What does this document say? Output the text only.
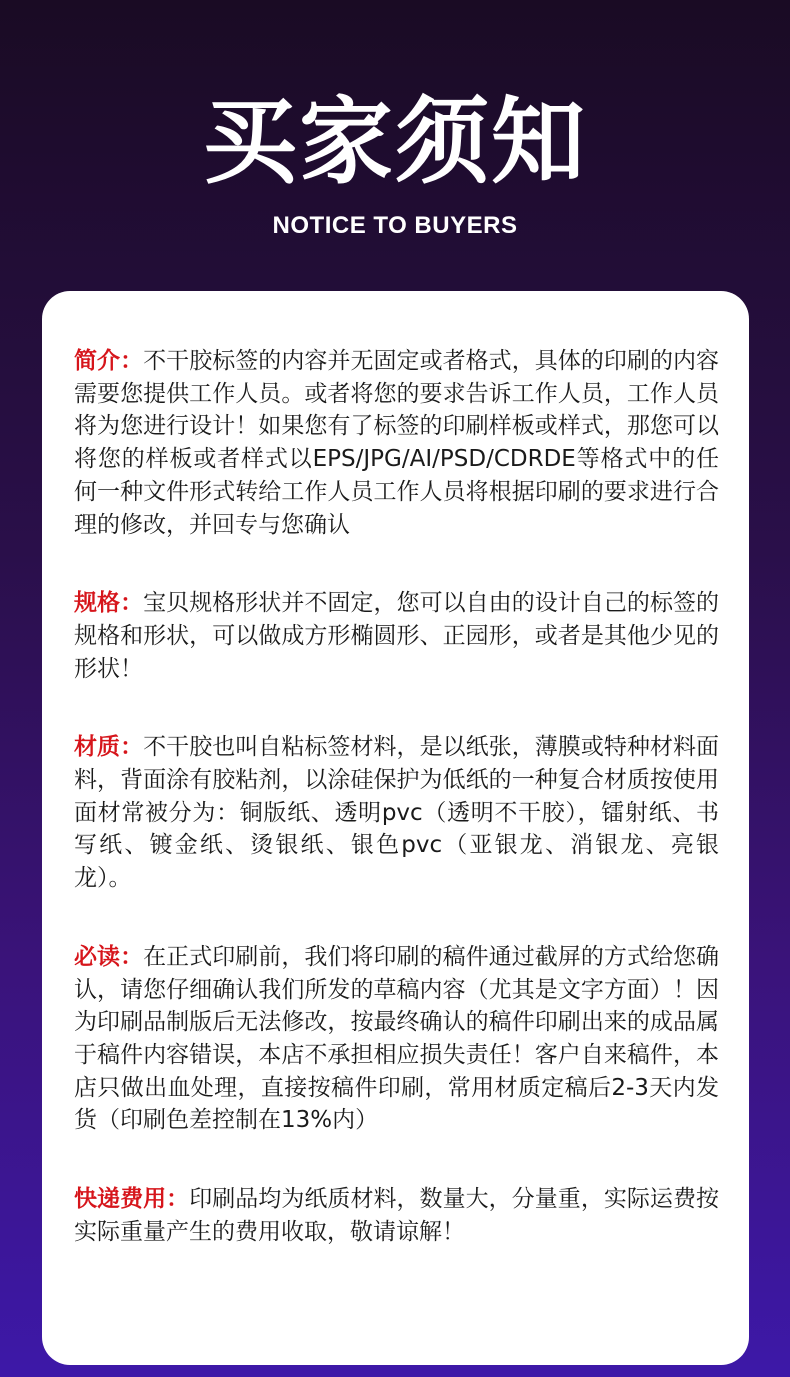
买家须知
NOTICE TO BUYERS
简介：不干胶标签的内容并无固定或者格式，具体的印刷的内容需要您提供工作人员。或者将您的要求告诉工作人员，工作人员将为您进行设计！如果您有了标签的印刷样板或样式，那您可以将您的样板或者样式以EPS/JPG/AI/PSD/CDRDE等格式中的任何一种文件形式转给工作人员工作人员将根据印刷的要求进行合理的修改，并回专与您确认
规格：宝贝规格形状并不固定，您可以自由的设计自己的标签的规格和形状，可以做成方形椭圆形、正园形，或者是其他少见的形状！
材质：不干胶也叫自粘标签材料，是以纸张，薄膜或特种材料面料，背面涂有胶粘剂，以涂硅保护为低纸的一种复合材质按使用面材常被分为：铜版纸、透明pvc（透明不干胶），镭射纸、书写纸、镀金纸、烫银纸、银色pvc（亚银龙、消银龙、亮银龙）。
必读：在正式印刷前，我们将印刷的稿件通过截屏的方式给您确认，请您仔细确认我们所发的草稿内容（尤其是文字方面）！因为印刷品制版后无法修改，按最终确认的稿件印刷出来的成品属于稿件内容错误，本店不承担相应损失责任！客户自来稿件，本店只做出血处理，直接按稿件印刷，常用材质定稿后2-3天内发货（印刷色差控制在13%内）
快递费用：印刷品均为纸质材料，数量大，分量重，实际运费按实际重量产生的费用收取，敬请谅解！
